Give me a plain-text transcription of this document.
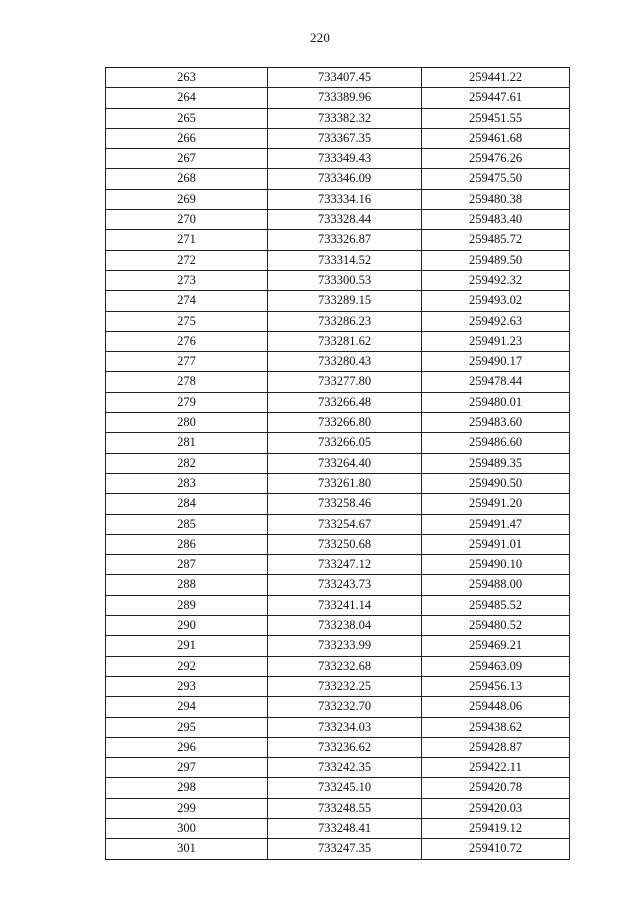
220
263	733407.45	259441.22
264	733389.96	259447.61
265	733382.32	259451.55
266	733367.35	259461.68
267	733349.43	259476.26
268	733346.09	259475.50
269	733334.16	259480.38
270	733328.44	259483.40
271	733326.87	259485.72
272	733314.52	259489.50
273	733300.53	259492.32
274	733289.15	259493.02
275	733286.23	259492.63
276	733281.62	259491.23
277	733280.43	259490.17
278	733277.80	259478.44
279	733266.48	259480.01
280	733266.80	259483.60
281	733266.05	259486.60
282	733264.40	259489.35
283	733261.80	259490.50
284	733258.46	259491.20
285	733254.67	259491.47
286	733250.68	259491.01
287	733247.12	259490.10
288	733243.73	259488.00
289	733241.14	259485.52
290	733238.04	259480.52
291	733233.99	259469.21
292	733232.68	259463.09
293	733232.25	259456.13
294	733232.70	259448.06
295	733234.03	259438.62
296	733236.62	259428.87
297	733242.35	259422.11
298	733245.10	259420.78
299	733248.55	259420.03
300	733248.41	259419.12
301	733247.35	259410.72
